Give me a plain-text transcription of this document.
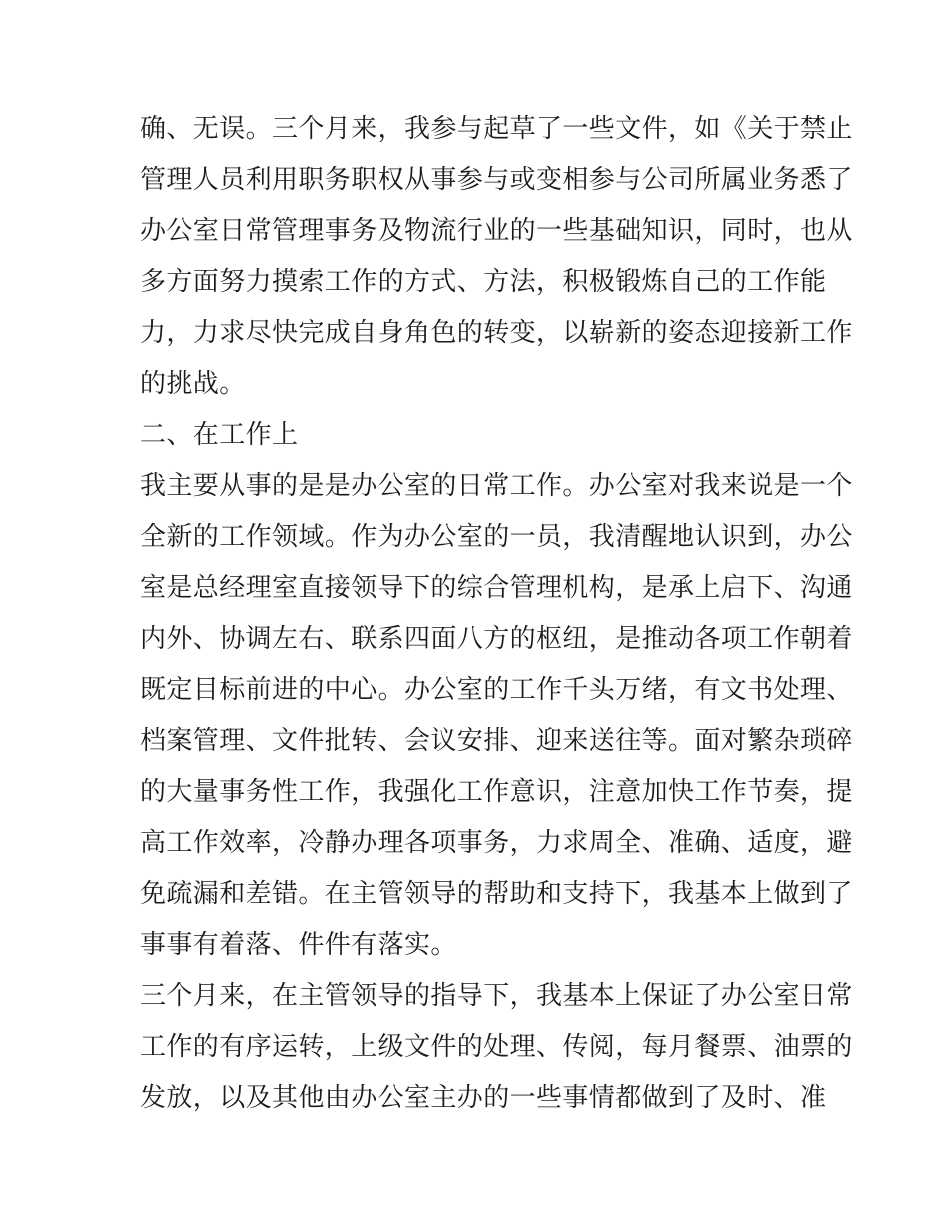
确、无误。三个月来，我参与起草了一些文件，如《关于禁止

管理人员利用职务职权从事参与或变相参与公司所属业务悉了

办公室日常管理事务及物流行业的一些基础知识，同时，也从

多方面努力摸索工作的方式、方法，积极锻炼自己的工作能

力，力求尽快完成自身角色的转变，以崭新的姿态迎接新工作

的挑战。

二、在工作上

我主要从事的是是办公室的日常工作。办公室对我来说是一个

全新的工作领域。作为办公室的一员，我清醒地认识到，办公

室是总经理室直接领导下的综合管理机构，是承上启下、沟通

内外、协调左右、联系四面八方的枢纽，是推动各项工作朝着

既定目标前进的中心。办公室的工作千头万绪，有文书处理、

档案管理、文件批转、会议安排、迎来送往等。面对繁杂琐碎

的大量事务性工作，我强化工作意识，注意加快工作节奏，提

高工作效率，冷静办理各项事务，力求周全、准确、适度，避

免疏漏和差错。在主管领导的帮助和支持下，我基本上做到了

事事有着落、件件有落实。

三个月来，在主管领导的指导下，我基本上保证了办公室日常

工作的有序运转，上级文件的处理、传阅，每月餐票、油票的

发放，以及其他由办公室主办的一些事情都做到了及时、准
